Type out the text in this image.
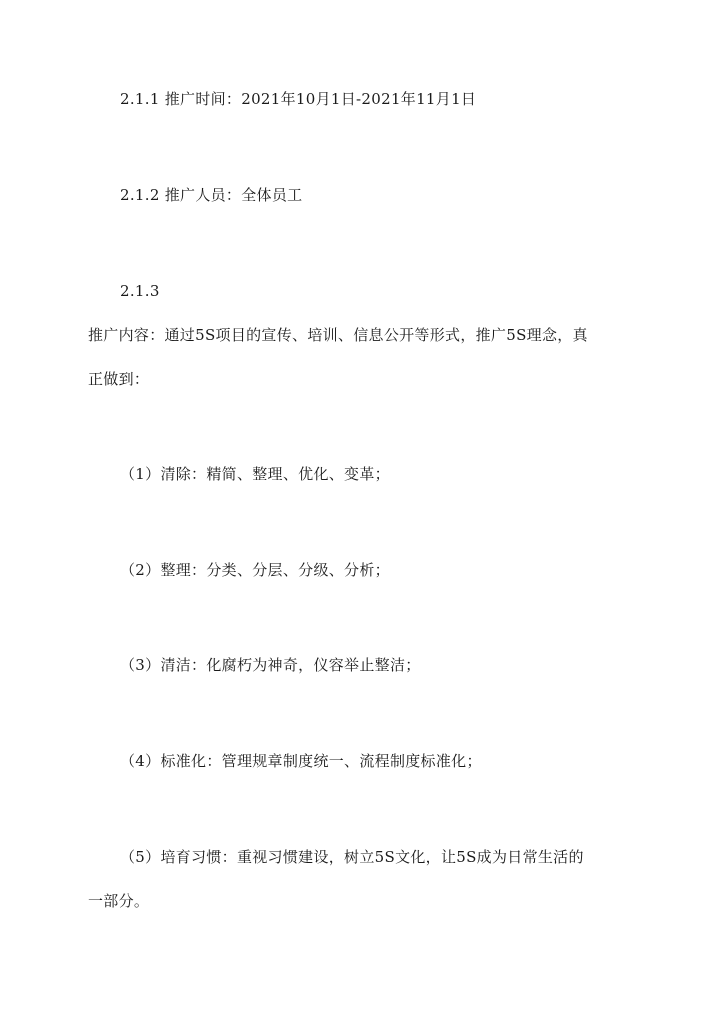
2.1.1 推广时间：2021年10月1日-2021年11月1日
2.1.2 推广人员：全体员工
2.1.3
推广内容：通过5S项目的宣传、培训、信息公开等形式，推广5S理念，真
正做到：
（1）清除：精简、整理、优化、变革；
（2）整理：分类、分层、分级、分析；
（3）清洁：化腐朽为神奇，仪容举止整洁；
（4）标准化：管理规章制度统一、流程制度标准化；
（5）培育习惯：重视习惯建设，树立5S文化，让5S成为日常生活的
一部分。
